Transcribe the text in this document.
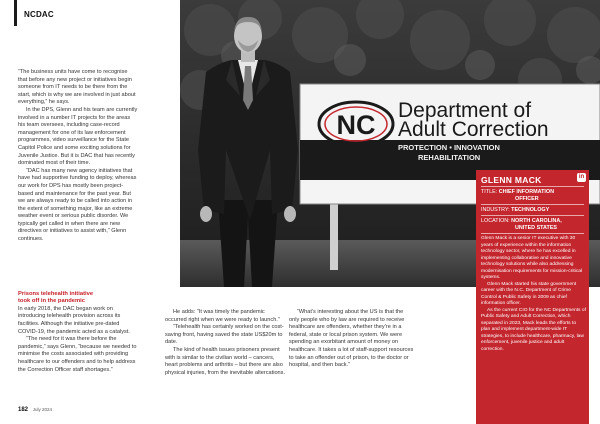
NCDAC
NC Department of
Adult Correction
PROTECTION • INNOVATION
REHABILITATION

“The business units have come to recognise that before any new project or initiatives begin someone from IT needs to be there from the start, which is why we are involved in just about everything,” he says.

In the DPS, Glenn and his team are currently involved in a number IT projects for the areas his team oversees, including case-record management for one of its law enforcement programmes, video surveillance for the State Capitol Police and some exciting solutions for Juvenile Justice. But it is DAC that has recently dominated most of their time.

“DAC has many new agency initiatives that have had supportive funding to deploy, whereas our work for DPS has mostly been project-based and maintenance for the past year. But we are always ready to be called into action in the extent of something major, like an extreme weather event or serious public disorder. We typically get called in when there are new directives or initiatives to assist with,” Glenn continues.

Prisons telehealth initiative
took off in the pandemic

In early 2018, the DAC began work on introducing telehealth provision across its facilities. Although the initiative pre-dated COVID-19, the pandemic acted as a catalyst.

“The need for it was there before the pandemic,” says Glenn, “because we needed to minimise the costs associated with providing healthcare to our offenders and to help address the Correction Officer staff shortages.”

He adds: “It was timely the pandemic occurred right when we were ready to launch.”

“Telehealth has certainly worked on the cost-saving front, having saved the state US$20m to date.

The kind of health issues prisoners present with is similar to the civilian world – cancers, heart problems and arthritis – but there are also physical injuries, from the inevitable altercations.

“What’s interesting about the US is that the only people who by law are required to receive healthcare are offenders, whether they’re in a federal, state or local prison system. We were spending an exorbitant amount of money on healthcare. It takes a lot of staff-support resources to take an offender out of prison, to the doctor or hospital, and then back.”

GLENN MACK	in
TITLE: CHIEF INFORMATION
OFFICER
INDUSTRY: TECHNOLOGY
LOCATION: NORTH CAROLINA,
UNITED STATES

Glenn Mack is a senior IT executive with 30 years of experience within the information technology sector, where he has excelled in implementing collaborative and innovative technology solutions while also addressing modernisation requirements for mission-critical systems.

Glenn Mack started his state government career with the N.C. Department of Crime Control & Public Safety in 2009 as chief information officer.

As the current CIO for the NC Departments of Public Safety and Adult Correction, which separated in 2023, Mack leads the efforts to plan and implement department-wide IT strategies, to include healthcare, pharmacy, law enforcement, juvenile justice and adult correction.

182 July 2024
